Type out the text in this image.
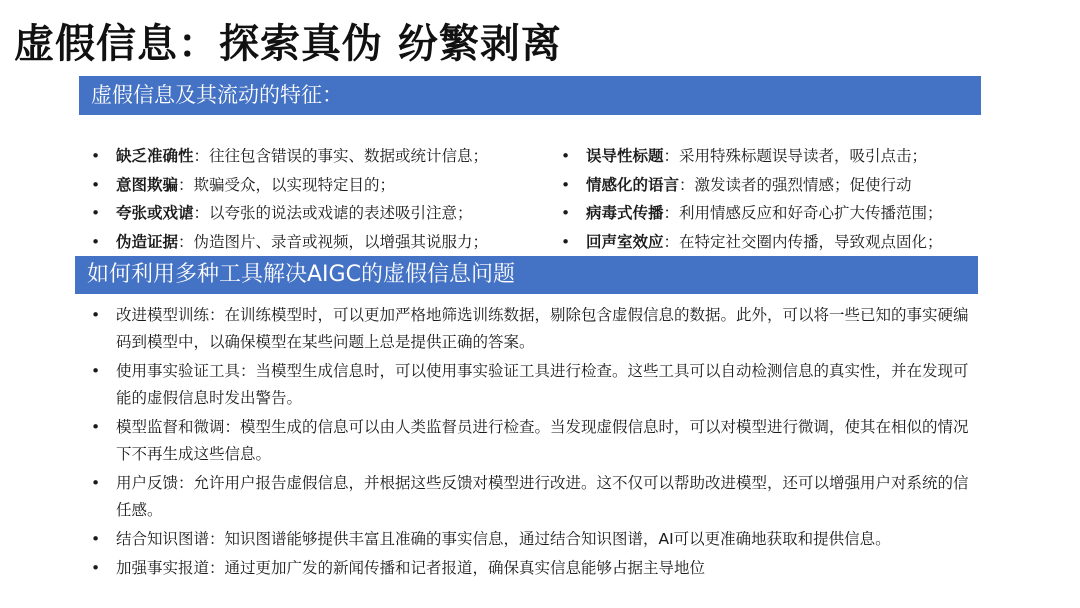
虚假信息：探索真伪 纷繁剥离
虚假信息及其流动的特征：
• 缺乏准确性：往往包含错误的事实、数据或统计信息；
• 意图欺骗：欺骗受众，以实现特定目的；
• 夸张或戏谑：以夸张的说法或戏谑的表述吸引注意；
• 伪造证据：伪造图片、录音或视频，以增强其说服力；
• 误导性标题：采用特殊标题误导读者，吸引点击；
• 情感化的语言：激发读者的强烈情感；促使行动
• 病毒式传播：利用情感反应和好奇心扩大传播范围；
• 回声室效应：在特定社交圈内传播，导致观点固化；
如何利用多种工具解决AIGC的虚假信息问题
• 改进模型训练：在训练模型时，可以更加严格地筛选训练数据，剔除包含虚假信息的数据。此外，可以将一些已知的事实硬编码到模型中，以确保模型在某些问题上总是提供正确的答案。
• 使用事实验证工具：当模型生成信息时，可以使用事实验证工具进行检查。这些工具可以自动检测信息的真实性，并在发现可能的虚假信息时发出警告。
• 模型监督和微调：模型生成的信息可以由人类监督员进行检查。当发现虚假信息时，可以对模型进行微调，使其在相似的情况下不再生成这些信息。
• 用户反馈：允许用户报告虚假信息，并根据这些反馈对模型进行改进。这不仅可以帮助改进模型，还可以增强用户对系统的信任感。
• 结合知识图谱：知识图谱能够提供丰富且准确的事实信息，通过结合知识图谱，AI可以更准确地获取和提供信息。
• 加强事实报道：通过更加广发的新闻传播和记者报道，确保真实信息能够占据主导地位
